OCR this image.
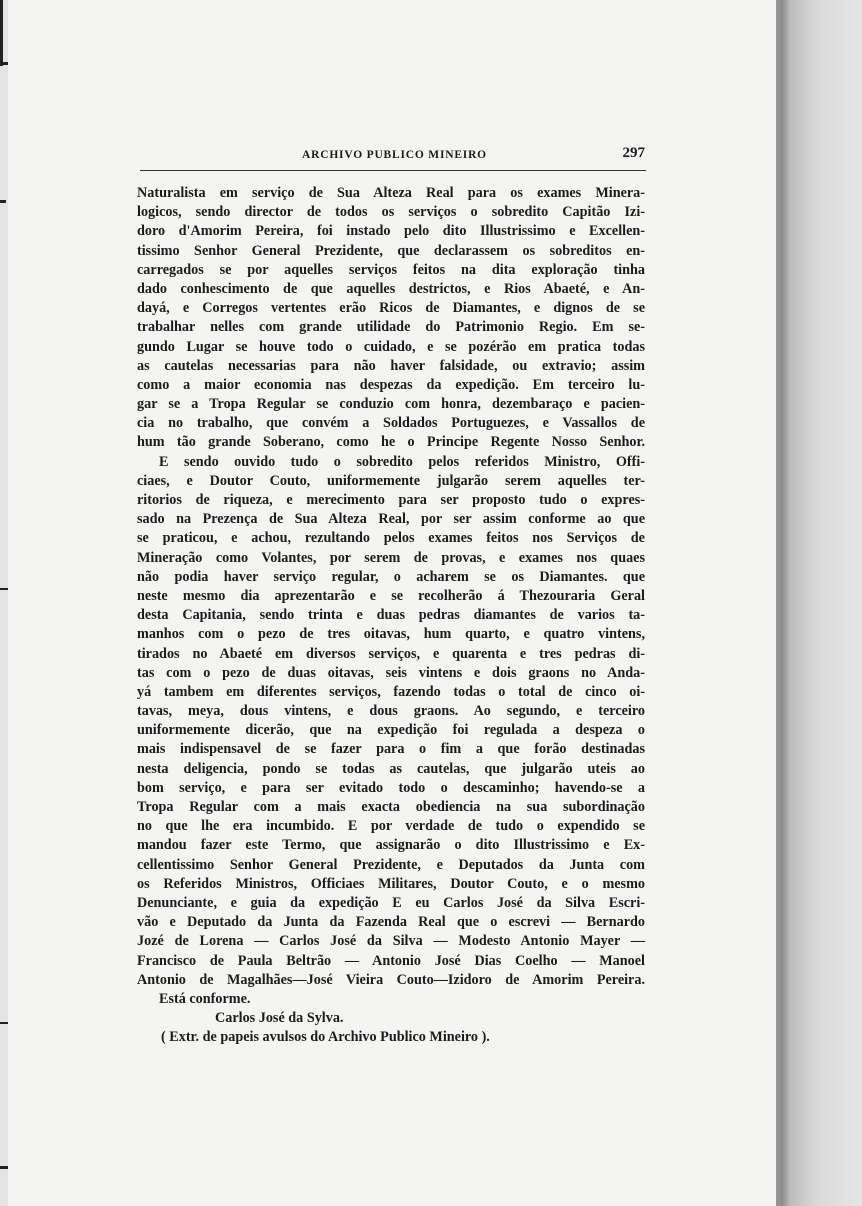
ARCHIVO PUBLICO MINEIRO	297
Naturalista em serviço de Sua Alteza Real para os exames Minera-
logicos, sendo director de todos os serviços o sobredito Capitão Izi-
doro d'Amorim Pereira, foi instado pelo dito Illustrissimo e Excellen-
tissimo Senhor General Prezidente, que declarassem os sobreditos en-
carregados se por aquelles serviços feitos na dita exploração tinha
dado conhescimento de que aquelles destrictos, e Rios Abaeté, e An-
dayá, e Corregos vertentes erão Ricos de Diamantes, e dignos de se
trabalhar nelles com grande utilidade do Patrimonio Regio. Em se-
gundo Lugar se houve todo o cuidado, e se pozérão em pratica todas
as cautelas necessarias para não haver falsidade, ou extravio; assim
como a maior economia nas despezas da expedição. Em terceiro lu-
gar se a Tropa Regular se conduzio com honra, dezembaraço e pacien-
cia no trabalho, que convém a Soldados Portuguezes, e Vassallos de
hum tão grande Soberano, como he o Principe Regente Nosso Senhor.
E sendo ouvido tudo o sobredito pelos referidos Ministro, Offi-
ciaes, e Doutor Couto, uniformemente julgarão serem aquelles ter-
ritorios de riqueza, e merecimento para ser proposto tudo o expres-
sado na Prezença de Sua Alteza Real, por ser assim conforme ao que
se praticou, e achou, rezultando pelos exames feitos nos Serviços de
Mineração como Volantes, por serem de provas, e exames nos quaes
não podia haver serviço regular, o acharem se os Diamantes. que
neste mesmo dia aprezentarão e se recolherão á Thezouraria Geral
desta Capitania, sendo trinta e duas pedras diamantes de varios ta-
manhos com o pezo de tres oitavas, hum quarto, e quatro vintens,
tirados no Abaeté em diversos serviços, e quarenta e tres pedras di-
tas com o pezo de duas oitavas, seis vintens e dois graons no Anda-
yá tambem em diferentes serviços, fazendo todas o total de cinco oi-
tavas, meya, dous vintens, e dous graons. Ao segundo, e terceiro
uniformemente dicerão, que na expedição foi regulada a despeza o
mais indispensavel de se fazer para o fim a que forão destinadas
nesta deligencia, pondo se todas as cautelas, que julgarão uteis ao
bom serviço, e para ser evitado todo o descaminho; havendo-se a
Tropa Regular com a mais exacta obediencia na sua subordinação
no que lhe era incumbido. E por verdade de tudo o expendido se
mandou fazer este Termo, que assignarão o dito Illustrissimo e Ex-
cellentissimo Senhor General Prezidente, e Deputados da Junta com
os Referidos Ministros, Officiaes Militares, Doutor Couto, e o mesmo
Denunciante, e guia da expedição E eu Carlos José da Silva Escri-
vão e Deputado da Junta da Fazenda Real que o escrevi — Bernardo
Jozé de Lorena — Carlos José da Silva — Modesto Antonio Mayer —
Francisco de Paula Beltrão — Antonio José Dias Coelho — Manoel
Antonio de Magalhães—José Vieira Couto—Izidoro de Amorim Pereira.
Está conforme.
Carlos José da Sylva.
( Extr. de papeis avulsos do Archivo Publico Mineiro ).
